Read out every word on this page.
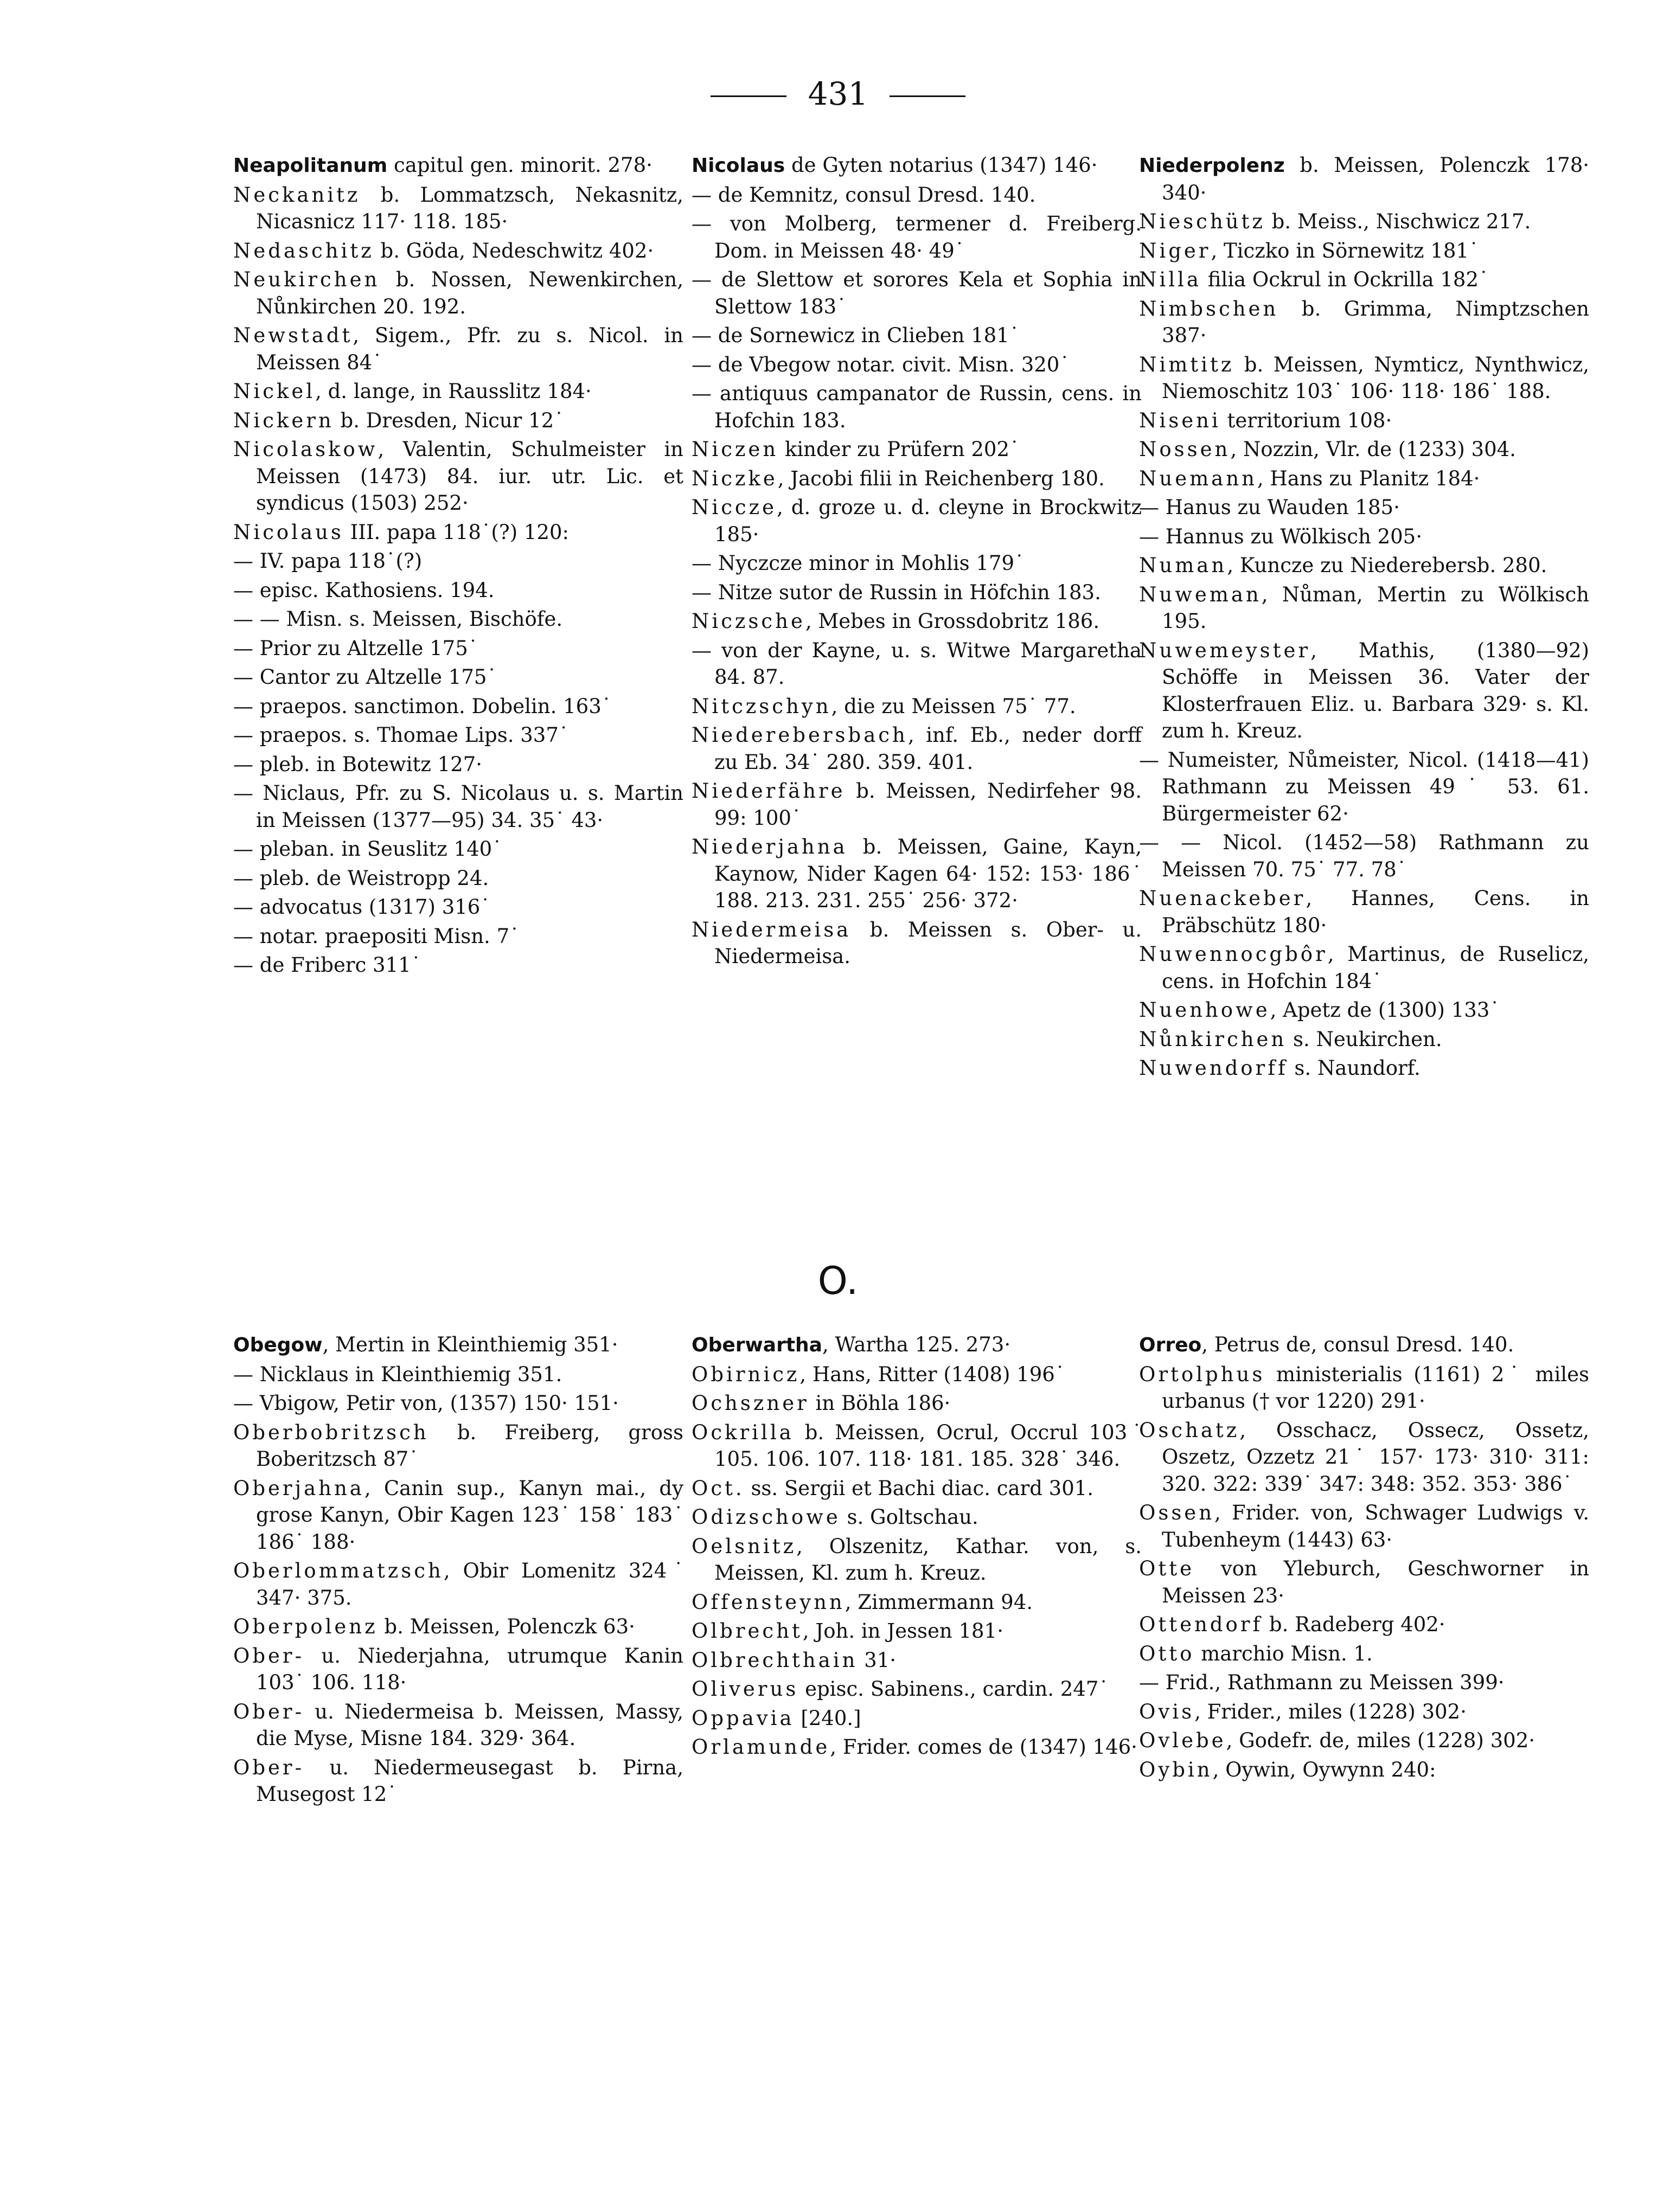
431

Neapolitanum capitul gen. minorit. 278·

Neckanitz b. Lommatzsch, Nekasnitz, Nicasnicz 117· 118. 185·

Nedaschitz b. Göda, Nedeschwitz 402·

Neukirchen b. Nossen, Newenkirchen, Nůnkirchen 20. 192.

Newstadt, Sigem., Pfr. zu s. Nicol. in Meissen 84˙

Nickel, d. lange, in Rausslitz 184·

Nickern b. Dresden, Nicur 12˙

Nicolaskow, Valentin, Schulmeister in Meissen (1473) 84. iur. utr. Lic. et syndicus (1503) 252·

Nicolaus III. papa 118˙(?) 120:

— IV. papa 118˙(?)

— episc. Kathosiens. 194.

— — Misn. s. Meissen, Bischöfe.

— Prior zu Altzelle 175˙

— Cantor zu Altzelle 175˙

— praepos. sanctimon. Dobelin. 163˙

— praepos. s. Thomae Lips. 337˙

— pleb. in Botewitz 127·

— Niclaus, Pfr. zu S. Nicolaus u. s. Martin in Meissen (1377—95) 34. 35˙ 43·

— pleban. in Seuslitz 140˙

— pleb. de Weistropp 24.

— advocatus (1317) 316˙

— notar. praepositi Misn. 7˙

— de Friberc 311˙

Nicolaus de Gyten notarius (1347) 146·

— de Kemnitz, consul Dresd. 140.

— von Molberg, termener d. Freiberg. Dom. in Meissen 48· 49˙

— de Slettow et sorores Kela et Sophia in Slettow 183˙

— de Sornewicz in Clieben 181˙

— de Vbegow notar. civit. Misn. 320˙

— antiquus campanator de Russin, cens. in Hofchin 183.

Niczen kinder zu Prüfern 202˙

Niczke, Jacobi filii in Reichenberg 180.

Niccze, d. groze u. d. cleyne in Brockwitz 185·

— Nyczcze minor in Mohlis 179˙

— Nitze sutor de Russin in Höfchin 183.

Niczsche, Mebes in Grossdobritz 186.

— von der Kayne, u. s. Witwe Margaretha 84. 87.

Nitczschyn, die zu Meissen 75˙ 77.

Niederebersbach, inf. Eb., neder dorff zu Eb. 34˙ 280. 359. 401.

Niederfähre b. Meissen, Nedirfeher 98. 99: 100˙

Niederjahna b. Meissen, Gaine, Kayn, Kaynow, Nider Kagen 64· 152: 153· 186˙ 188. 213. 231. 255˙ 256· 372·

Niedermeisa b. Meissen s. Ober- u. Niedermeisa.

Niederpolenz b. Meissen, Polenczk 178· 340·

Nieschütz b. Meiss., Nischwicz 217.

Niger, Ticzko in Sörnewitz 181˙

Nilla filia Ockrul in Ockrilla 182˙

Nimbschen b. Grimma, Nimptzschen 387·

Nimtitz b. Meissen, Nymticz, Nynthwicz, Niemoschitz 103˙ 106· 118· 186˙ 188.

Niseni territorium 108·

Nossen, Nozzin, Vlr. de (1233) 304.

Nuemann, Hans zu Planitz 184·

— Hanus zu Wauden 185·

— Hannus zu Wölkisch 205·

Numan, Kuncze zu Niederebersb. 280.

Nuweman, Nůman, Mertin zu Wölkisch 195.

Nuwemeyster, Mathis, (1380—92) Schöffe in Meissen 36. Vater der Klosterfrauen Eliz. u. Barbara 329· s. Kl. zum h. Kreuz.

— Numeister, Nůmeister, Nicol. (1418—41) Rathmann zu Meissen 49˙ 53. 61. Bürgermeister 62·

— — Nicol. (1452—58) Rathmann zu Meissen 70. 75˙ 77. 78˙

Nuenackeber, Hannes, Cens. in Präbschütz 180·

Nuwennocgbôr, Martinus, de Ruselicz, cens. in Hofchin 184˙

Nuenhowe, Apetz de (1300) 133˙

Nůnkirchen s. Neukirchen.

Nuwendorff s. Naundorf.

O.

Obegow, Mertin in Kleinthiemig 351·

— Nicklaus in Kleinthiemig 351.

— Vbigow, Petir von, (1357) 150· 151·

Oberbobritzsch b. Freiberg, gross Boberitzsch 87˙

Oberjahna, Canin sup., Kanyn mai., dy grose Kanyn, Obir Kagen 123˙ 158˙ 183˙ 186˙ 188·

Oberlommatzsch, Obir Lomenitz 324˙ 347· 375.

Oberpolenz b. Meissen, Polenczk 63·

Ober- u. Niederjahna, utrumque Kanin 103˙ 106. 118·

Ober- u. Niedermeisa b. Meissen, Massy, die Myse, Misne 184. 329· 364.

Ober- u. Niedermeusegast b. Pirna, Musegost 12˙

Oberwartha, Wartha 125. 273·

Obirnicz, Hans, Ritter (1408) 196˙

Ochszner in Böhla 186·

Ockrilla b. Meissen, Ocrul, Occrul 103˙ 105. 106. 107. 118· 181. 185. 328˙ 346.

Oct. ss. Sergii et Bachi diac. card 301.

Odizschowe s. Goltschau.

Oelsnitz, Olszenitz, Kathar. von, s. Meissen, Kl. zum h. Kreuz.

Offensteynn, Zimmermann 94.

Olbrecht, Joh. in Jessen 181·

Olbrechthain 31·

Oliverus episc. Sabinens., cardin. 247˙

Oppavia [240.]

Orlamunde, Frider. comes de (1347) 146·

Orreo, Petrus de, consul Dresd. 140.

Ortolphus ministerialis (1161) 2˙ miles urbanus († vor 1220) 291·

Oschatz, Osschacz, Ossecz, Ossetz, Oszetz, Ozzetz 21˙ 157· 173· 310· 311: 320. 322: 339˙ 347: 348: 352. 353· 386˙

Ossen, Frider. von, Schwager Ludwigs v. Tubenheym (1443) 63·

Otte von Yleburch, Geschworner in Meissen 23·

Ottendorf b. Radeberg 402·

Otto marchio Misn. 1.

— Frid., Rathmann zu Meissen 399·

Ovis, Frider., miles (1228) 302·

Ovlebe, Godefr. de, miles (1228) 302·

Oybin, Oywin, Oywynn 240:
